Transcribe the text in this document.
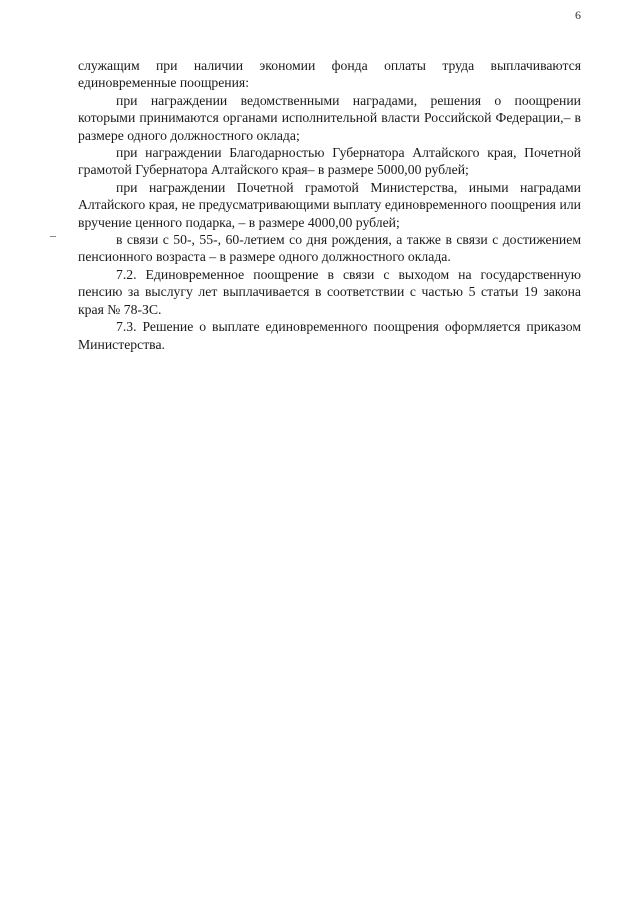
6

служащим при наличии экономии фонда оплаты труда выплачиваются единовременные поощрения:

при награждении ведомственными наградами, решения о поощрении которыми принимаются органами исполнительной власти Российской Федерации,– в размере одного должностного оклада;

при награждении Благодарностью Губернатора Алтайского края, Почетной грамотой Губернатора Алтайского края– в размере 5000,00 рублей;

при награждении Почетной грамотой Министерства, иными наградами Алтайского края, не предусматривающими выплату единовременного поощрения или вручение ценного подарка, – в размере 4000,00 рублей;

в связи с 50-, 55-, 60-летием со дня рождения, а также в связи с достижением пенсионного возраста – в размере одного должностного оклада.

7.2. Единовременное поощрение в связи с выходом на государственную пенсию за выслугу лет выплачивается в соответствии с частью 5 статьи 19 закона края № 78-ЗС.

7.3. Решение о выплате единовременного поощрения оформляется приказом Министерства.
